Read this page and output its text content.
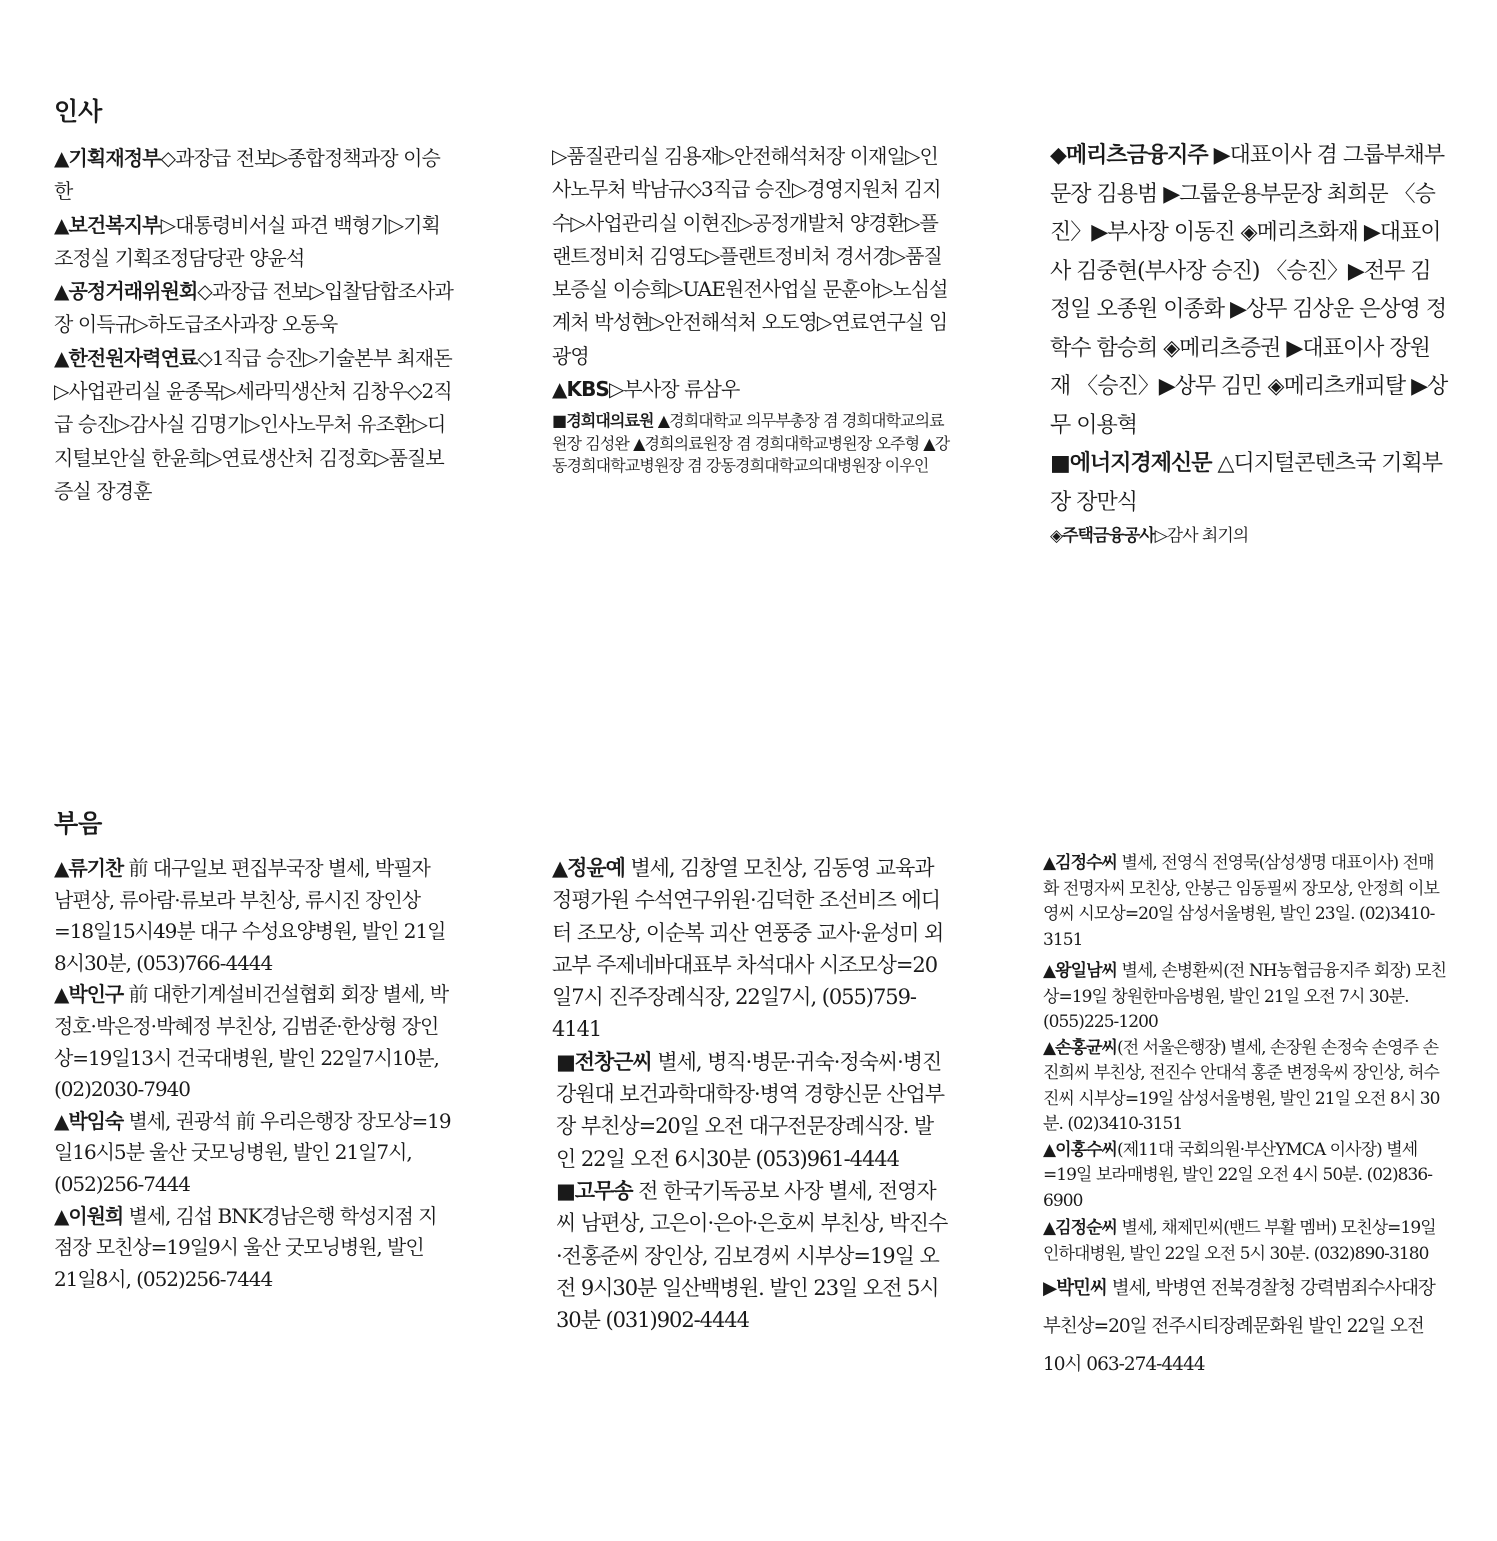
인사

▲기획재정부◇과장급 전보▷종합정책과장 이승한

▲보건복지부▷대통령비서실 파견 백형기▷기획조정실 기획조정담당관 양윤석

▲공정거래위원회◇과장급 전보▷입찰담합조사과장 이득규▷하도급조사과장 오동욱

▲한전원자력연료◇1직급 승진▷기술본부 최재돈▷사업관리실 윤종목▷세라믹생산처 김창우◇2직급 승진▷감사실 김명기▷인사노무처 유조환▷디지털보안실 한윤희▷연료생산처 김정호▷품질보증실 장경훈

▷품질관리실 김용재▷안전해석처장 이재일▷인사노무처 박남규◇3직급 승진▷경영지원처 김지수▷사업관리실 이현진▷공정개발처 양경환▷플랜트정비처 김영도▷플랜트정비처 경서경▷품질보증실 이승희▷UAE원전사업실 문훈아▷노심설계처 박성현▷안전해석처 오도영▷연료연구실 임광영

▲KBS▷부사장 류삼우

■경희대의료원 ▲경희대학교 의무부총장 겸 경희대학교의료원장 김성완 ▲경희의료원장 겸 경희대학교병원장 오주형 ▲강동경희대학교병원장 겸 강동경희대학교의대병원장 이우인

◆메리츠금융지주 ▶대표이사 겸 그룹부채부문장 김용범 ▶그룹운용부문장 최희문 〈승진〉▶부사장 이동진 ◈메리츠화재 ▶대표이사 김중현(부사장 승진) 〈승진〉▶전무 김정일 오종원 이종화 ▶상무 김상운 은상영 정학수 함승희 ◈메리츠증권 ▶대표이사 장원재 〈승진〉▶상무 김민 ◈메리츠캐피탈 ▶상무 이용혁

■에너지경제신문 △디지털콘텐츠국 기획부장 장만식

◈주택금융공사▷감사 최기의

부음

▲류기찬 前 대구일보 편집부국장 별세, 박필자 남편상, 류아람·류보라 부친상, 류시진 장인상=18일15시49분 대구 수성요양병원, 발인 21일8시30분, (053)766-4444

▲박인구 前 대한기계설비건설협회 회장 별세, 박정호·박은정·박혜정 부친상, 김범준·한상형 장인상=19일13시 건국대병원, 발인 22일7시10분, (02)2030-7940

▲박임숙 별세, 권광석 前 우리은행장 장모상=19일16시5분 울산 굿모닝병원, 발인 21일7시, (052)256-7444

▲이원희 별세, 김섭 BNK경남은행 학성지점 지점장 모친상=19일9시 울산 굿모닝병원, 발인 21일8시, (052)256-7444

▲정윤예 별세, 김창열 모친상, 김동영 교육과정평가원 수석연구위원·김덕한 조선비즈 에디터 조모상, 이순복 괴산 연풍중 교사·윤성미 외교부 주제네바대표부 차석대사 시조모상=20일7시 진주장례식장, 22일7시, (055)759-4141

■전창근씨 별세, 병직·병문·귀숙·정숙씨·병진 강원대 보건과학대학장·병역 경향신문 산업부장 부친상=20일 오전 대구전문장례식장. 발인 22일 오전 6시30분 (053)961-4444

■고무송 전 한국기독공보 사장 별세, 전영자씨 남편상, 고은이·은아·은호씨 부친상, 박진수·전홍준씨 장인상, 김보경씨 시부상=19일 오전 9시30분 일산백병원. 발인 23일 오전 5시30분 (031)902-4444

▲김정수씨 별세, 전영식 전영묵(삼성생명 대표이사) 전매화 전명자씨 모친상, 안봉근 임동필씨 장모상, 안정희 이보영씨 시모상=20일 삼성서울병원, 발인 23일. (02)3410-3151

▲왕일남씨 별세, 손병환씨(전 NH농협금융지주 회장) 모친상=19일 창원한마음병원, 발인 21일 오전 7시 30분. (055)225-1200

▲손홍균씨(전 서울은행장) 별세, 손장원 손정숙 손영주 손진희씨 부친상, 전진수 안대석 홍준 변정욱씨 장인상, 허수진씨 시부상=19일 삼성서울병원, 발인 21일 오전 8시 30분. (02)3410-3151

▲이홍수씨(제11대 국회의원·부산YMCA 이사장) 별세=19일 보라매병원, 발인 22일 오전 4시 50분. (02)836-6900

▲김정순씨 별세, 채제민씨(밴드 부활 멤버) 모친상=19일 인하대병원, 발인 22일 오전 5시 30분. (032)890-3180

▶박민씨 별세, 박병연 전북경찰청 강력범죄수사대장 부친상=20일 전주시티장례문화원 발인 22일 오전 10시 063-274-4444
